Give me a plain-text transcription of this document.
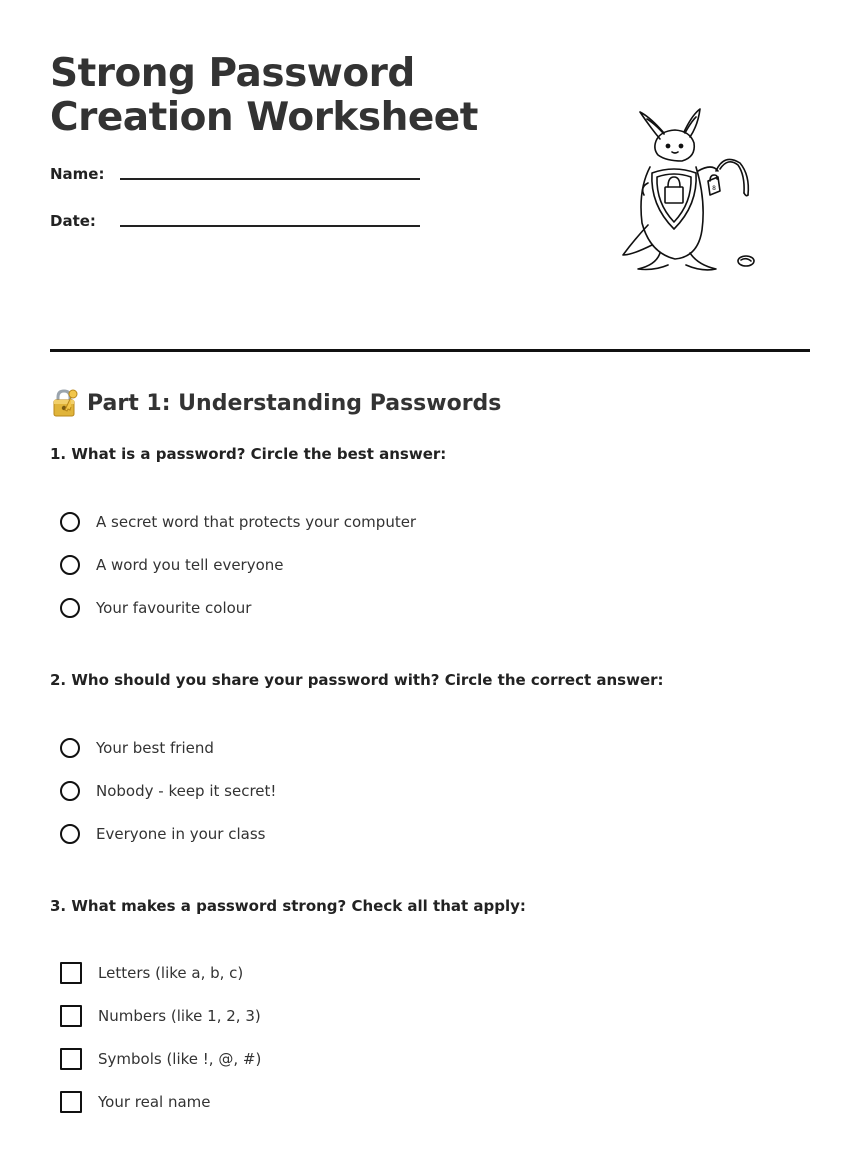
Strong Password
Creation Worksheet
Name:
Date:
8
Part 1: Understanding Passwords

1. What is a password? Circle the best answer:

A secret word that protects your computer
A word you tell everyone
Your favourite colour

2. Who should you share your password with? Circle the correct answer:

Your best friend
Nobody - keep it secret!
Everyone in your class

3. What makes a password strong? Check all that apply:

Letters (like a, b, c)
Numbers (like 1, 2, 3)
Symbols (like !, @, #)
Your real name
